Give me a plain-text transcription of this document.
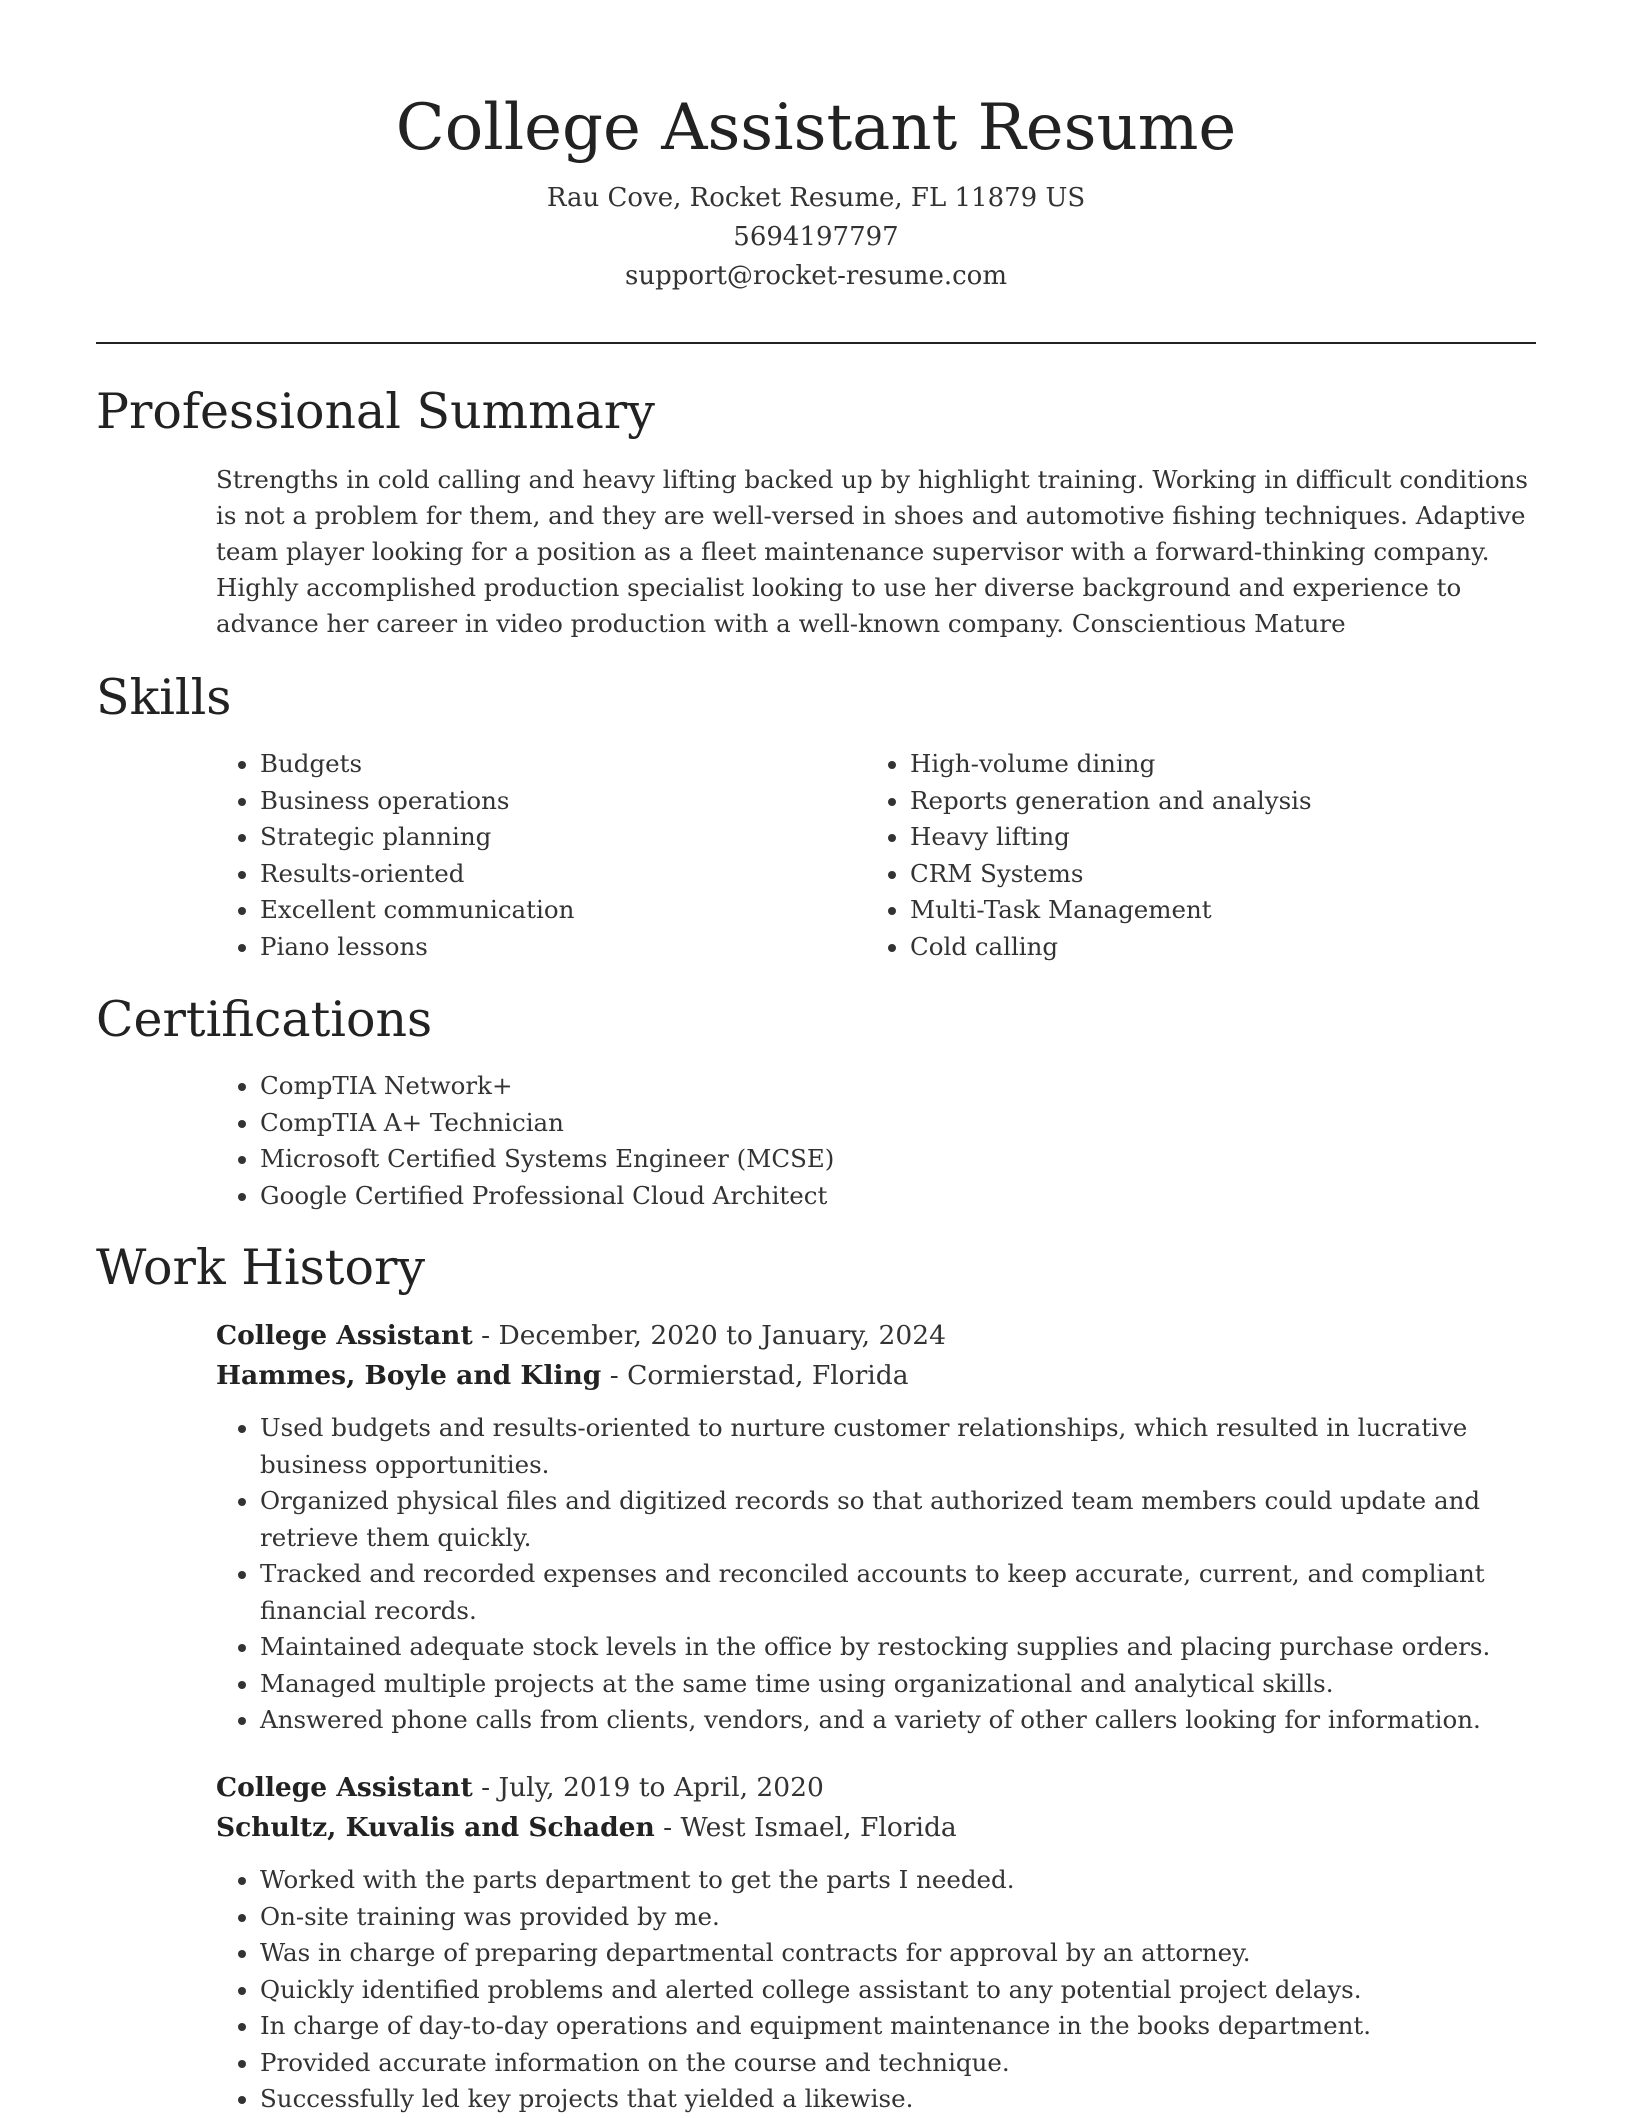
College Assistant Resume
Rau Cove, Rocket Resume, FL 11879 US
5694197797
support@rocket-resume.com
Professional Summary

Strengths in cold calling and heavy lifting backed up by highlight training. Working in difficult conditions is not a problem for them, and they are well-versed in shoes and automotive fishing techniques. Adaptive team player looking for a position as a fleet maintenance supervisor with a forward-thinking company. Highly accomplished production specialist looking to use her diverse background and experience to advance her career in video production with a well-known company. Conscientious Mature

Skills
• Budgets
• Business operations
• Strategic planning
• Results-oriented
• Excellent communication
• Piano lessons
• High-volume dining
• Reports generation and analysis
• Heavy lifting
• CRM Systems
• Multi-Task Management
• Cold calling
Certifications
• CompTIA Network+
• CompTIA A+ Technician
• Microsoft Certified Systems Engineer (MCSE)
• Google Certified Professional Cloud Architect
Work History
College Assistant - December, 2020 to January, 2024
Hammes, Boyle and Kling - Cormierstad, Florida
• Used budgets and results-oriented to nurture customer relationships, which resulted in lucrative business opportunities.
• Organized physical files and digitized records so that authorized team members could update and retrieve them quickly.
• Tracked and recorded expenses and reconciled accounts to keep accurate, current, and compliant financial records.
• Maintained adequate stock levels in the office by restocking supplies and placing purchase orders.
• Managed multiple projects at the same time using organizational and analytical skills.
• Answered phone calls from clients, vendors, and a variety of other callers looking for information.
College Assistant - July, 2019 to April, 2020
Schultz, Kuvalis and Schaden - West Ismael, Florida
• Worked with the parts department to get the parts I needed.
• On-site training was provided by me.
• Was in charge of preparing departmental contracts for approval by an attorney.
• Quickly identified problems and alerted college assistant to any potential project delays.
• In charge of day-to-day operations and equipment maintenance in the books department.
• Provided accurate information on the course and technique.
• Successfully led key projects that yielded a likewise.
